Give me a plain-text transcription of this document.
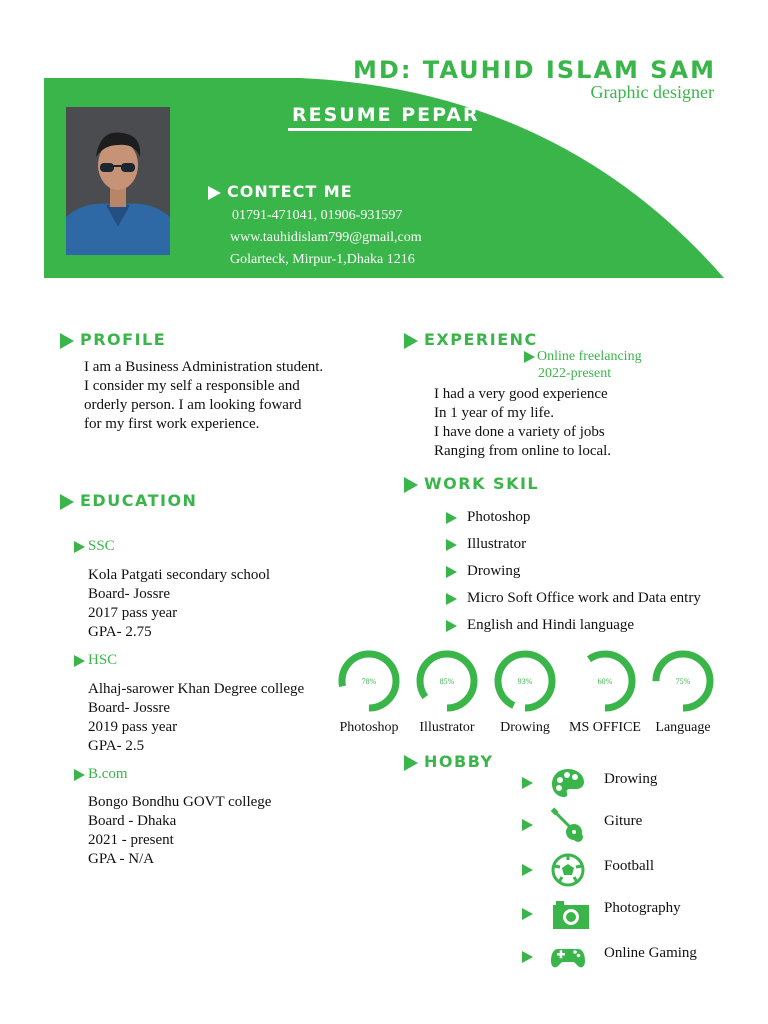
MD: TAUHID ISLAM SAM
Graphic designer
RESUME PEPAR
CONTECT ME
01791-471041, 01906-931597
www.tauhidislam799@gmail,com
Golarteck, Mirpur-1,Dhaka 1216
PROFILE
I am a Business Administration student.
I consider my self a responsible and
orderly person. I am looking foward
for my first work experience.
EDUCATION
SSC
Kola Patgati secondary school
Board- Jossre
2017 pass year
GPA- 2.75
HSC
Alhaj-sarower Khan Degree college
Board- Jossre
2019 pass year
GPA- 2.5
B.com
Bongo Bondhu GOVT college
Board - Dhaka
2021 - present
GPA - N/A
EXPERIENC
Online freelancing
2022-present
I had a very good experience
In 1 year of my life.
I have done a variety of jobs
Ranging from online to local.
WORK SKIL
Photoshop
Illustrator
Drowing
Micro Soft Office work and Data entry
English and Hindi language
78%	85%	93%	60%	75%
Photoshop	Illustrator	Drowing	MS OFFICE	Language
HOBBY
Drowing
Giture
Football
Photography
Online Gaming
